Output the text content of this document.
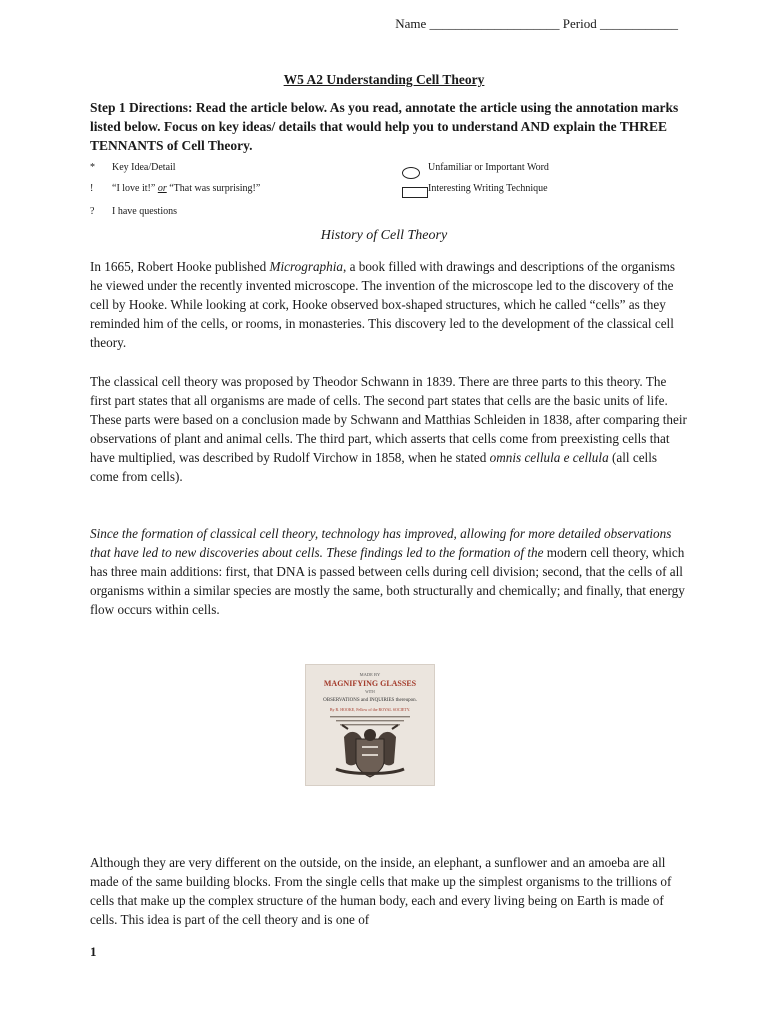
Name ____________________ Period ____________
W5 A2 Understanding Cell Theory
Step 1 Directions: Read the article below. As you read, annotate the article using the annotation marks listed below. Focus on key ideas/ details that would help you to understand AND explain the THREE TENNANTS of Cell Theory.
*	Key Idea/Detail	Unfamiliar or Important Word
!	“I love it!” or “That was surprising!”	Interesting Writing Technique
?	I have questions
History of Cell Theory

In 1665, Robert Hooke published Micrographia, a book filled with drawings and descriptions of the organisms he viewed under the recently invented microscope. The invention of the microscope led to the discovery of the cell by Hooke. While looking at cork, Hooke observed box-shaped structures, which he called “cells” as they reminded him of the cells, or rooms, in monasteries. This discovery led to the development of the classical cell theory.

The classical cell theory was proposed by Theodor Schwann in 1839. There are three parts to this theory. The first part states that all organisms are made of cells. The second part states that cells are the basic units of life. These parts were based on a conclusion made by Schwann and Matthias Schleiden in 1838, after comparing their observations of plant and animal cells. The third part, which asserts that cells come from preexisting cells that have multiplied, was described by Rudolf Virchow in 1858, when he stated omnis cellula e cellula (all cells come from cells).

Since the formation of classical cell theory, technology has improved, allowing for more detailed observations that have led to new discoveries about cells. These findings led to the formation of the modern cell theory, which has three main additions: first, that DNA is passed between cells during cell division; second, that the cells of all organisms within a similar species are mostly the same, both structurally and chemically; and finally, that energy flow occurs within cells.

MADE BY
MAGNIFYING GLASSES
WITH
OBSERVATIONS and INQUIRIES thereupon.
By R. HOOKE, Fellow of the ROYAL SOCIETY.

Although they are very different on the outside, on the inside, an elephant, a sunflower and an amoeba are all made of the same building blocks. From the single cells that make up the simplest organisms to the trillions of cells that make up the complex structure of the human body, each and every living being on Earth is made of cells. This idea is part of the cell theory and is one of

1
